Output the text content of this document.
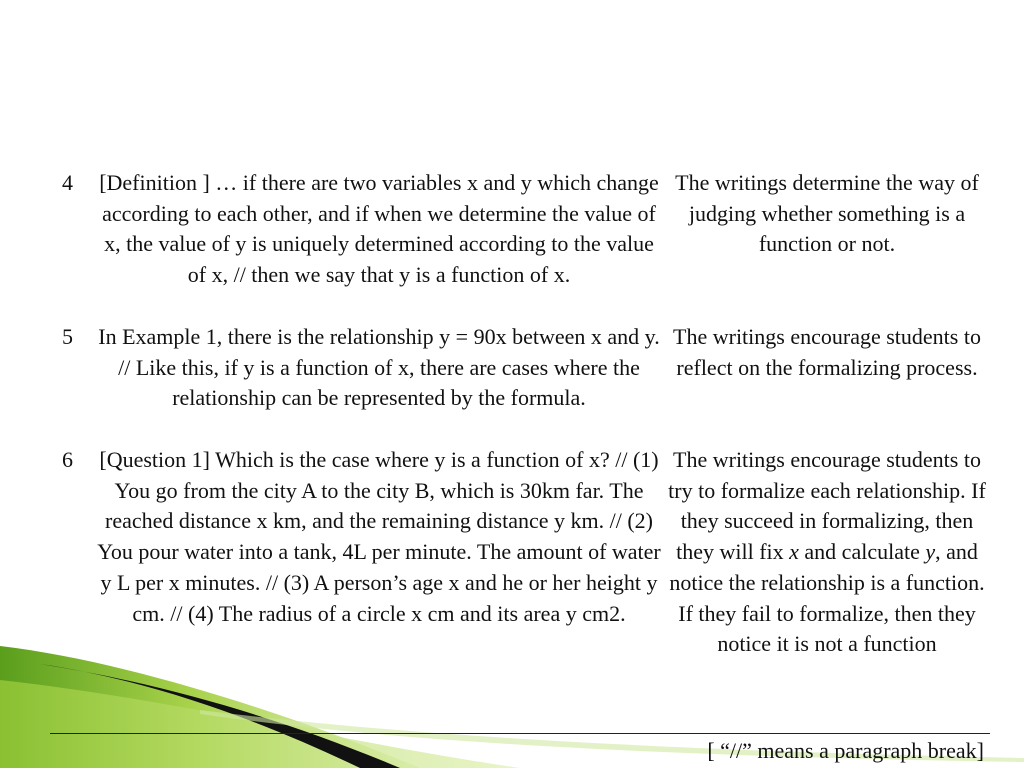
4 [Definition ] … if there are two variables x and y which change according to each other, and if when we determine the value of x, the value of y is uniquely determined according to the value of x, // then we say that y is a function of x.
The writings determine the way of judging whether something is a function or not.
5 In Example 1, there is the relationship y = 90x between x and y. // Like this, if y is a function of x, there are cases where the relationship can be represented by the formula.
The writings encourage students to reflect on the formalizing process.
6 [Question 1] Which is the case where y is a function of x? // (1) You go from the city A to the city B, which is 30km far. The reached distance x km, and the remaining distance y km. // (2) You pour water into a tank, 4L per minute. The amount of water y L per x minutes. // (3) A person’s age x and he or her height y cm. // (4) The radius of a circle x cm and its area y cm2.
The writings encourage students to try to formalize each relationship. If they succeed in formalizing, then they will fix x and calculate y, and notice the relationship is a function. If they fail to formalize, then they notice it is not a function
[ “//” means a paragraph break]
